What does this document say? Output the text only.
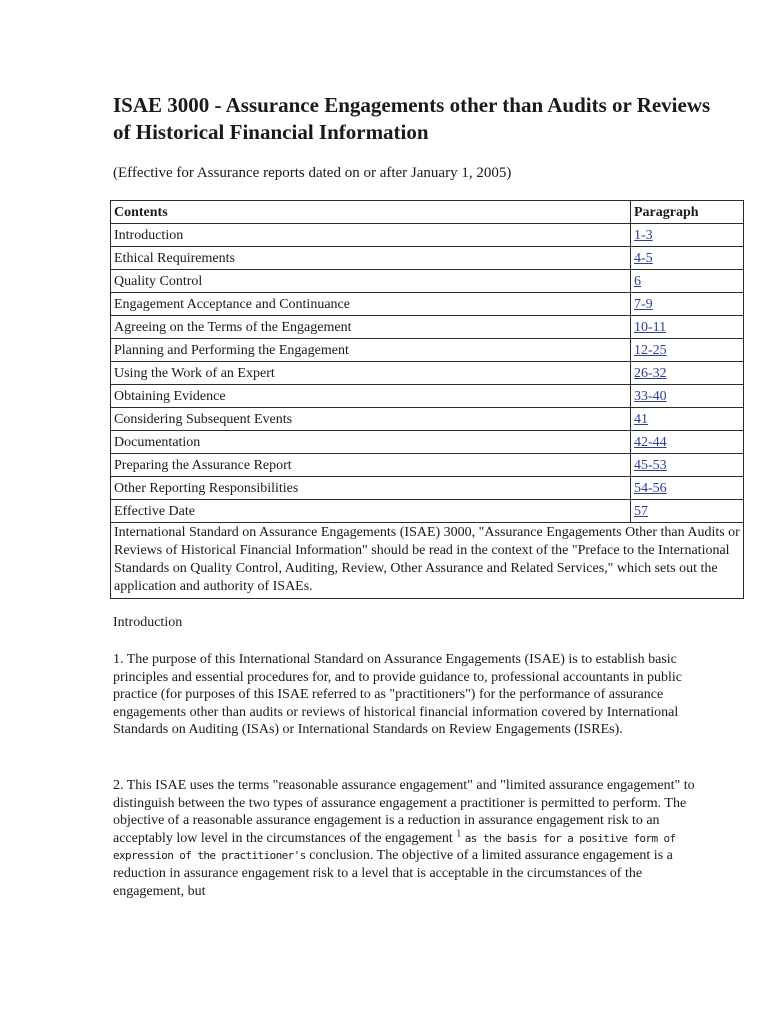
ISAE 3000 - Assurance Engagements other than Audits or Reviews of Historical Financial Information

(Effective for Assurance reports dated on or after January 1, 2005)

Contents	Paragraph
Introduction	1-3
Ethical Requirements	4-5
Quality Control	6
Engagement Acceptance and Continuance	7-9
Agreeing on the Terms of the Engagement	10-11
Planning and Performing the Engagement	12-25
Using the Work of an Expert	26-32
Obtaining Evidence	33-40
Considering Subsequent Events	41
Documentation	42-44
Preparing the Assurance Report	45-53
Other Reporting Responsibilities	54-56
Effective Date	57
International Standard on Assurance Engagements (ISAE) 3000, "Assurance Engagements Other than Audits or Reviews of Historical Financial Information" should be read in the context of the "Preface to the International Standards on Quality Control, Auditing, Review, Other Assurance and Related Services," which sets out the application and authority of ISAEs.	

Introduction

1. The purpose of this International Standard on Assurance Engagements (ISAE) is to establish basic principles and essential procedures for, and to provide guidance to, professional accountants in public practice (for purposes of this ISAE referred to as "practitioners") for the performance of assurance engagements other than audits or reviews of historical financial information covered by International Standards on Auditing (ISAs) or International Standards on Review Engagements (ISREs).

2. This ISAE uses the terms "reasonable assurance engagement" and "limited assurance engagement" to distinguish between the two types of assurance engagement a practitioner is permitted to perform. The objective of a reasonable assurance engagement is a reduction in assurance engagement risk to an acceptably low level in the circumstances of the engagement $^1$ as the basis for a positive form of expression of the practitioner's conclusion. The objective of a limited assurance engagement is a reduction in assurance engagement risk to a level that is acceptable in the circumstances of the engagement, but
